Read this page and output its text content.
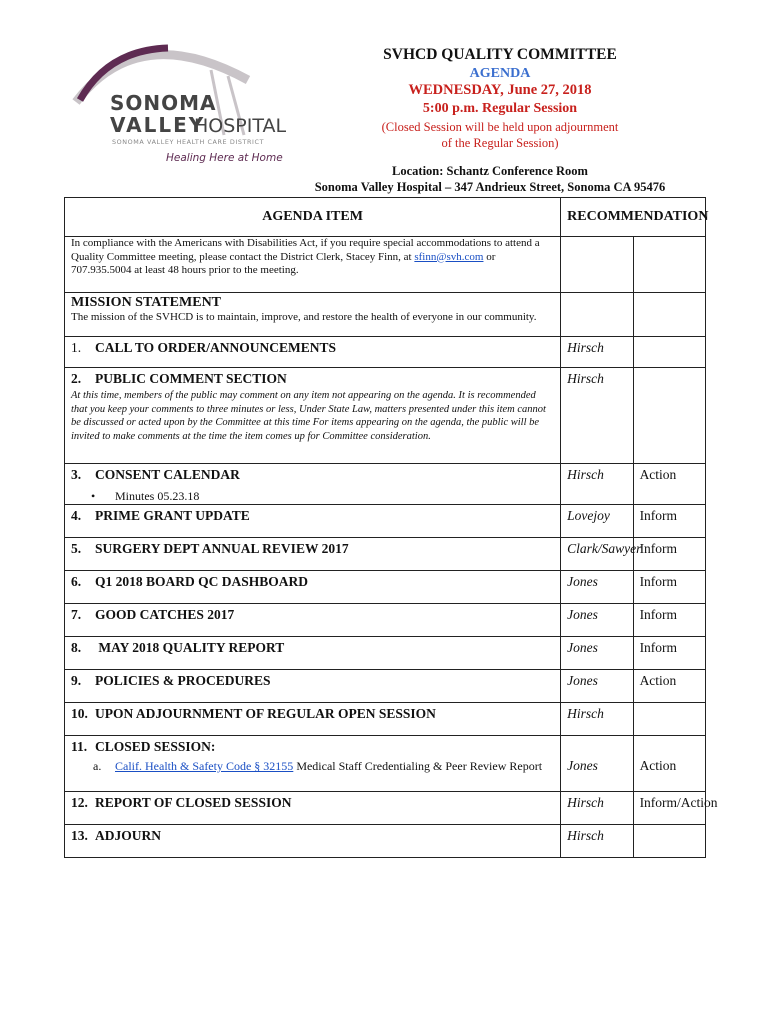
SONOMA
VALLEY
HOSPITAL
SONOMA VALLEY HEALTH CARE DISTRICT
Healing Here at Home
SVHCD QUALITY COMMITTEE
AGENDA
WEDNESDAY, June 27, 2018
5:00 p.m. Regular Session
(Closed Session will be held upon adjournment
of the Regular Session)
Location: Schantz Conference Room
Sonoma Valley Hospital – 347 Andrieux Street, Sonoma CA 95476
AGENDA ITEM	RECOMMENDATION	
In compliance with the Americans with Disabilities Act, if you require special accommodations to attend a Quality Committee meeting, please contact the District Clerk, Stacey Finn, at sfinn@svh.com or 707.935.5004 at least 48 hours prior to the meeting.		

MISSION STATEMENT
The mission of the SVHCD is to maintain, improve, and restore the health of everyone in our community.		

1. CALL TO ORDER/ANNOUNCEMENTS	Hirsch	

2. PUBLIC COMMENT SECTION
At this time, members of the public may comment on any item not appearing on the agenda. It is recommended that you keep your comments to three minutes or less, Under State Law, matters presented under this item cannot be discussed or acted upon by the Committee at this time For items appearing on the agenda, the public will be invited to make comments at the time the item comes up for Committee consideration.	Hirsch	

3. CONSENT CALENDAR
• Minutes 05.23.18	Hirsch	Action

4. PRIME GRANT UPDATE	Lovejoy	Inform

5. SURGERY DEPT ANNUAL REVIEW 2017	Clark/Sawyer	Inform

6. Q1 2018 BOARD QC DASHBOARD	Jones	Inform

7. GOOD CATCHES 2017	Jones	Inform

8. MAY 2018 QUALITY REPORT	Jones	Inform

9. POLICIES & PROCEDURES	Jones	Action

10. UPON ADJOURNMENT OF REGULAR OPEN SESSION	Hirsch	

11. CLOSED SESSION:
a. Calif. Health & Safety Code § 32155 Medical Staff Credentialing & Peer Review Report	Jones	Action

12. REPORT OF CLOSED SESSION	Hirsch	Inform/Action

13. ADJOURN	Hirsch	
